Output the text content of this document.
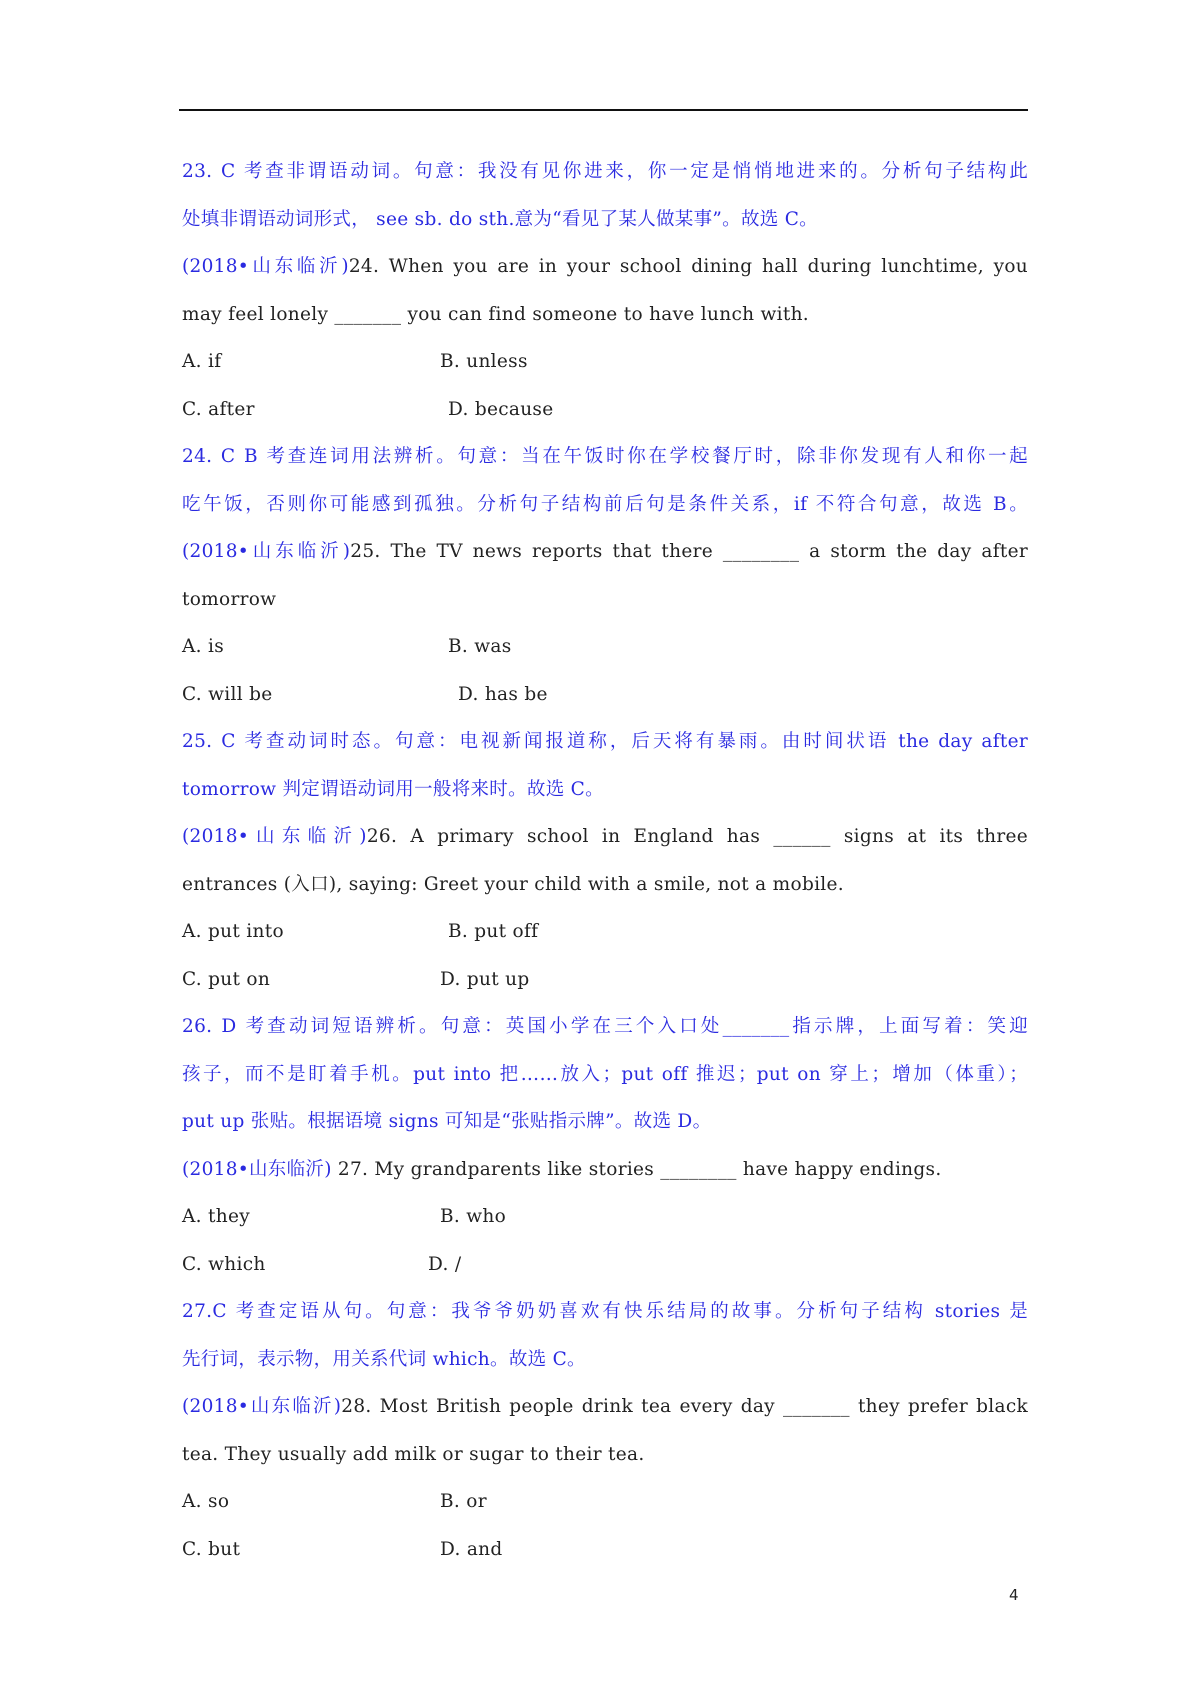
23. C 考查非谓语动词。句意：我没有见你进来，你一定是悄悄地进来的。分析句子结构此
处填非谓语动词形式， see sb. do sth.意为“看见了某人做某事”。故选 C。
(2018•山东临沂)24. When you are in your school dining hall during lunchtime, you
may feel lonely _______ you can find someone to have lunch with.
A. if	B. unless
C. after	D. because
24. C B 考查连词用法辨析。句意：当在午饭时你在学校餐厅时，除非你发现有人和你一起
吃午饭，否则你可能感到孤独。分析句子结构前后句是条件关系，if 不符合句意，故选 B。
(2018•山东临沂)25. The TV news reports that there ________ a storm the day after
tomorrow
A. is	B. was
C. will be	D. has be
25. C 考查动词时态。句意：电视新闻报道称，后天将有暴雨。由时间状语 the day after
tomorrow 判定谓语动词用一般将来时。故选 C。
(2018•山东临沂)26. A primary school in England has ______ signs at its three
entrances (入口), saying: Greet your child with a smile, not a mobile.
A. put into	B. put off
C. put on	D. put up
26. D 考查动词短语辨析。句意：英国小学在三个入口处_______指示牌，上面写着：笑迎
孩子，而不是盯着手机。put into 把……放入；put off 推迟；put on 穿上；增加（体重）；
put up 张贴。根据语境 signs 可知是“张贴指示牌”。故选 D。
(2018•山东临沂) 27. My grandparents like stories ________ have happy endings.
A. they	B. who
C. which	D. /
27.C 考查定语从句。句意：我爷爷奶奶喜欢有快乐结局的故事。分析句子结构 stories 是
先行词，表示物，用关系代词 which。故选 C。
(2018•山东临沂)28. Most British people drink tea every day _______ they prefer black
tea. They usually add milk or sugar to their tea.
A. so	B. or
C. but	D. and
4
